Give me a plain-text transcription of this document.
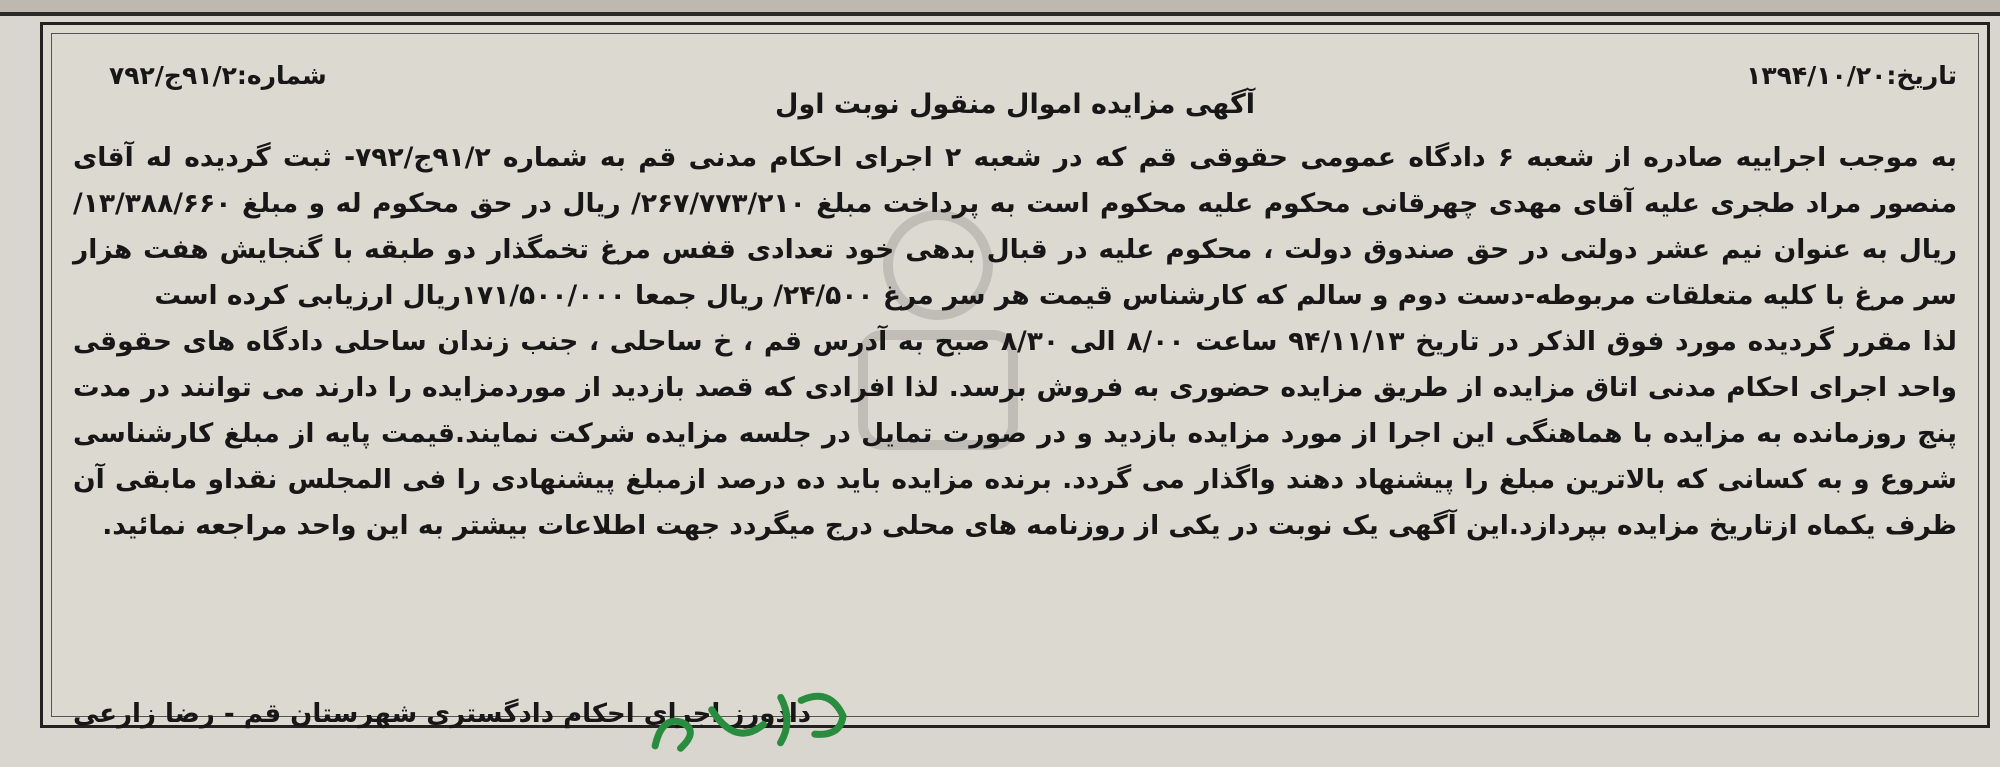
تاریخ:۱۳۹۴/۱۰/۲۰
شماره:۹۱/۲ج/۷۹۲
آگهی مزایده اموال منقول نوبت اول

به موجب اجراییه صادره از شعبه ۶ دادگاه عمومی حقوقی قم که در شعبه ۲ اجرای احکام مدنی قم به شماره ۹۱/۲ج/۷۹۲- ثبت گردیده له آقای منصور مراد طجری علیه آقای مهدی چهرقانی محکوم علیه محکوم است به پرداخت مبلغ ۲۶۷/۷۷۳/۲۱۰/ ریال در حق محکوم له و مبلغ ۱۳/۳۸۸/۶۶۰/ ریال به عنوان نیم عشر دولتی در حق صندوق دولت ، محکوم علیه در قبال بدهی خود تعدادی قفس مرغ تخمگذار دو طبقه با گنجایش هفت هزار سر مرغ با کلیه متعلقات مربوطه-دست دوم و سالم که کارشناس قیمت هر سر مرغ ۲۴/۵۰۰/ ریال جمعا ۱۷۱/۵۰۰/۰۰۰ریال ارزیابی کرده است

لذا مقرر گردیده مورد فوق الذکر در تاریخ ۹۴/۱۱/۱۳ ساعت ۸/۰۰ الی ۸/۳۰ صبح به آدرس قم ، خ ساحلی ، جنب زندان ساحلی دادگاه های حقوقی واحد اجرای احکام مدنی اتاق مزایده از طریق مزایده حضوری به فروش برسد. لذا افرادی که قصد بازدید از موردمزایده را دارند می توانند در مدت پنج روزمانده به مزایده با هماهنگی این اجرا از مورد مزایده بازدید و در صورت تمایل در جلسه مزایده شرکت نمایند.قیمت پایه از مبلغ کارشناسی شروع و به کسانی که بالاترین مبلغ را پیشنهاد دهند واگذار می گردد. برنده مزایده باید ده درصد ازمبلغ پیشنهادی را فی المجلس نقداو مابقی آن ظرف یکماه ازتاریخ مزایده بپردازد.این آگهی یک نوبت در یکی از روزنامه های محلی درج میگردد جهت اطلاعات بیشتر به این واحد مراجعه نمائید.

دادورز اجرای احکام دادگستری شهرستان قم - رضا زارعی
